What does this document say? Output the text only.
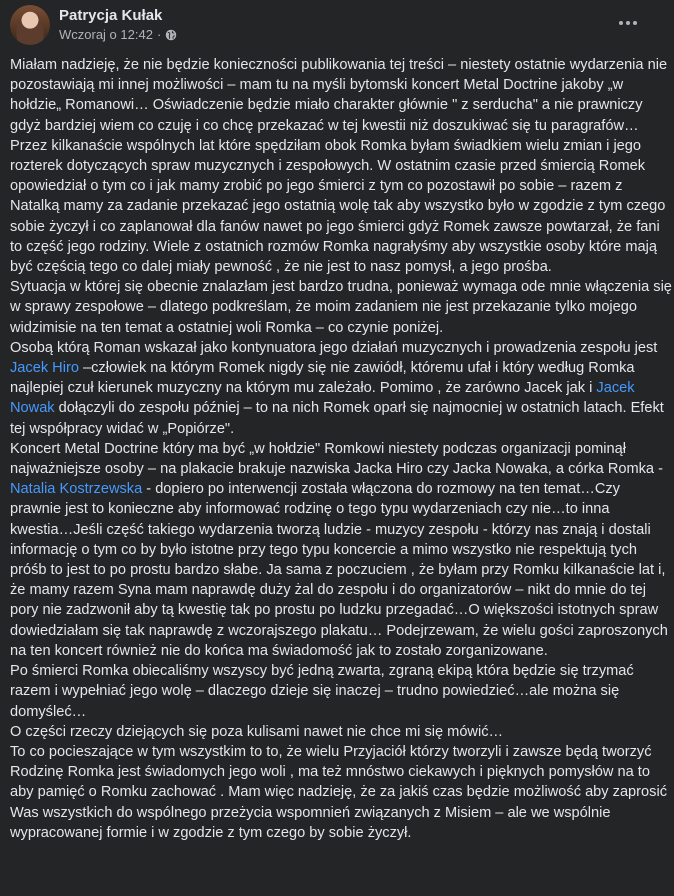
Patrycja Kułak
Wczoraj o 12:42 ·

Miałam nadzieję, że nie będzie konieczności publikowania tej treści – niestety ostatnie wydarzenia nie pozostawiają mi innej możliwości – mam tu na myśli bytomski koncert Metal Doctrine jakoby „w hołdzie„ Romanowi… Oświadczenie będzie miało charakter głównie " z serducha" a nie prawniczy gdyż bardziej wiem co czuję i co chcę przekazać w tej kwestii niż doszukiwać się tu paragrafów…

Przez kilkanaście wspólnych lat które spędziłam obok Romka byłam świadkiem wielu zmian i jego rozterek dotyczących spraw muzycznych i zespołowych. W ostatnim czasie przed śmiercią Romek opowiedział o tym co i jak mamy zrobić po jego śmierci z tym co pozostawił po sobie – razem z Natalką mamy za zadanie przekazać jego ostatnią wolę tak aby wszystko było w zgodzie z tym czego sobie życzył i co zaplanował dla fanów nawet po jego śmierci gdyż Romek zawsze powtarzał, że fani to część jego rodziny. Wiele z ostatnich rozmów Romka nagrałyśmy aby wszystkie osoby które mają być częścią tego co dalej miały pewność , że nie jest to nasz pomysł, a jego prośba.

Sytuacja w której się obecnie znalazłam jest bardzo trudna, ponieważ wymaga ode mnie włączenia się w sprawy zespołowe – dlatego podkreślam, że moim zadaniem nie jest przekazanie tylko mojego widzimisie na ten temat a ostatniej woli Romka – co czynie poniżej.

Osobą którą Roman wskazał jako kontynuatora jego działań muzycznych i prowadzenia zespołu jest Jacek Hiro –człowiek na którym Romek nigdy się nie zawiódł, któremu ufał i który według Romka najlepiej czuł kierunek muzyczny na którym mu zależało. Pomimo , że zarówno Jacek jak i Jacek Nowak dołączyli do zespołu później – to na nich Romek oparł się najmocniej w ostatnich latach. Efekt tej współpracy widać w „Popiórze".

Koncert Metal Doctrine który ma być „w hołdzie" Romkowi niestety podczas organizacji pominął najważniejsze osoby – na plakacie brakuje nazwiska Jacka Hiro czy Jacka Nowaka, a córka Romka - Natalia Kostrzewska - dopiero po interwencji została włączona do rozmowy na ten temat…Czy prawnie jest to konieczne aby informować rodzinę o tego typu wydarzeniach czy nie…to inna kwestia…Jeśli część takiego wydarzenia tworzą ludzie - muzycy zespołu - którzy nas znają i dostali informację o tym co by było istotne przy tego typu koncercie a mimo wszystko nie respektują tych próśb to jest to po prostu bardzo słabe. Ja sama z poczuciem , że byłam przy Romku kilkanaście lat i, że mamy razem Syna mam naprawdę duży żal do zespołu i do organizatorów – nikt do mnie do tej pory nie zadzwonił aby tą kwestię tak po prostu po ludzku przegadać…O większości istotnych spraw dowiedziałam się tak naprawdę z wczorajszego plakatu… Podejrzewam, że wielu gości zaproszonych na ten koncert również nie do końca ma świadomość jak to zostało zorganizowane.

Po śmierci Romka obiecaliśmy wszyscy być jedną zwarta, zgraną ekipą która będzie się trzymać razem i wypełniać jego wolę – dlaczego dzieje się inaczej – trudno powiedzieć…ale można się domyśleć…

O części rzeczy dziejących się poza kulisami nawet nie chce mi się mówić…

To co pocieszające w tym wszystkim to to, że wielu Przyjaciół którzy tworzyli i zawsze będą tworzyć Rodzinę Romka jest świadomych jego woli , ma też mnóstwo ciekawych i pięknych pomysłów na to aby pamięć o Romku zachować . Mam więc nadzieję, że za jakiś czas będzie możliwość aby zaprosić Was wszystkich do wspólnego przeżycia wspomnień związanych z Misiem – ale we wspólnie wypracowanej formie i w zgodzie z tym czego by sobie życzył.
